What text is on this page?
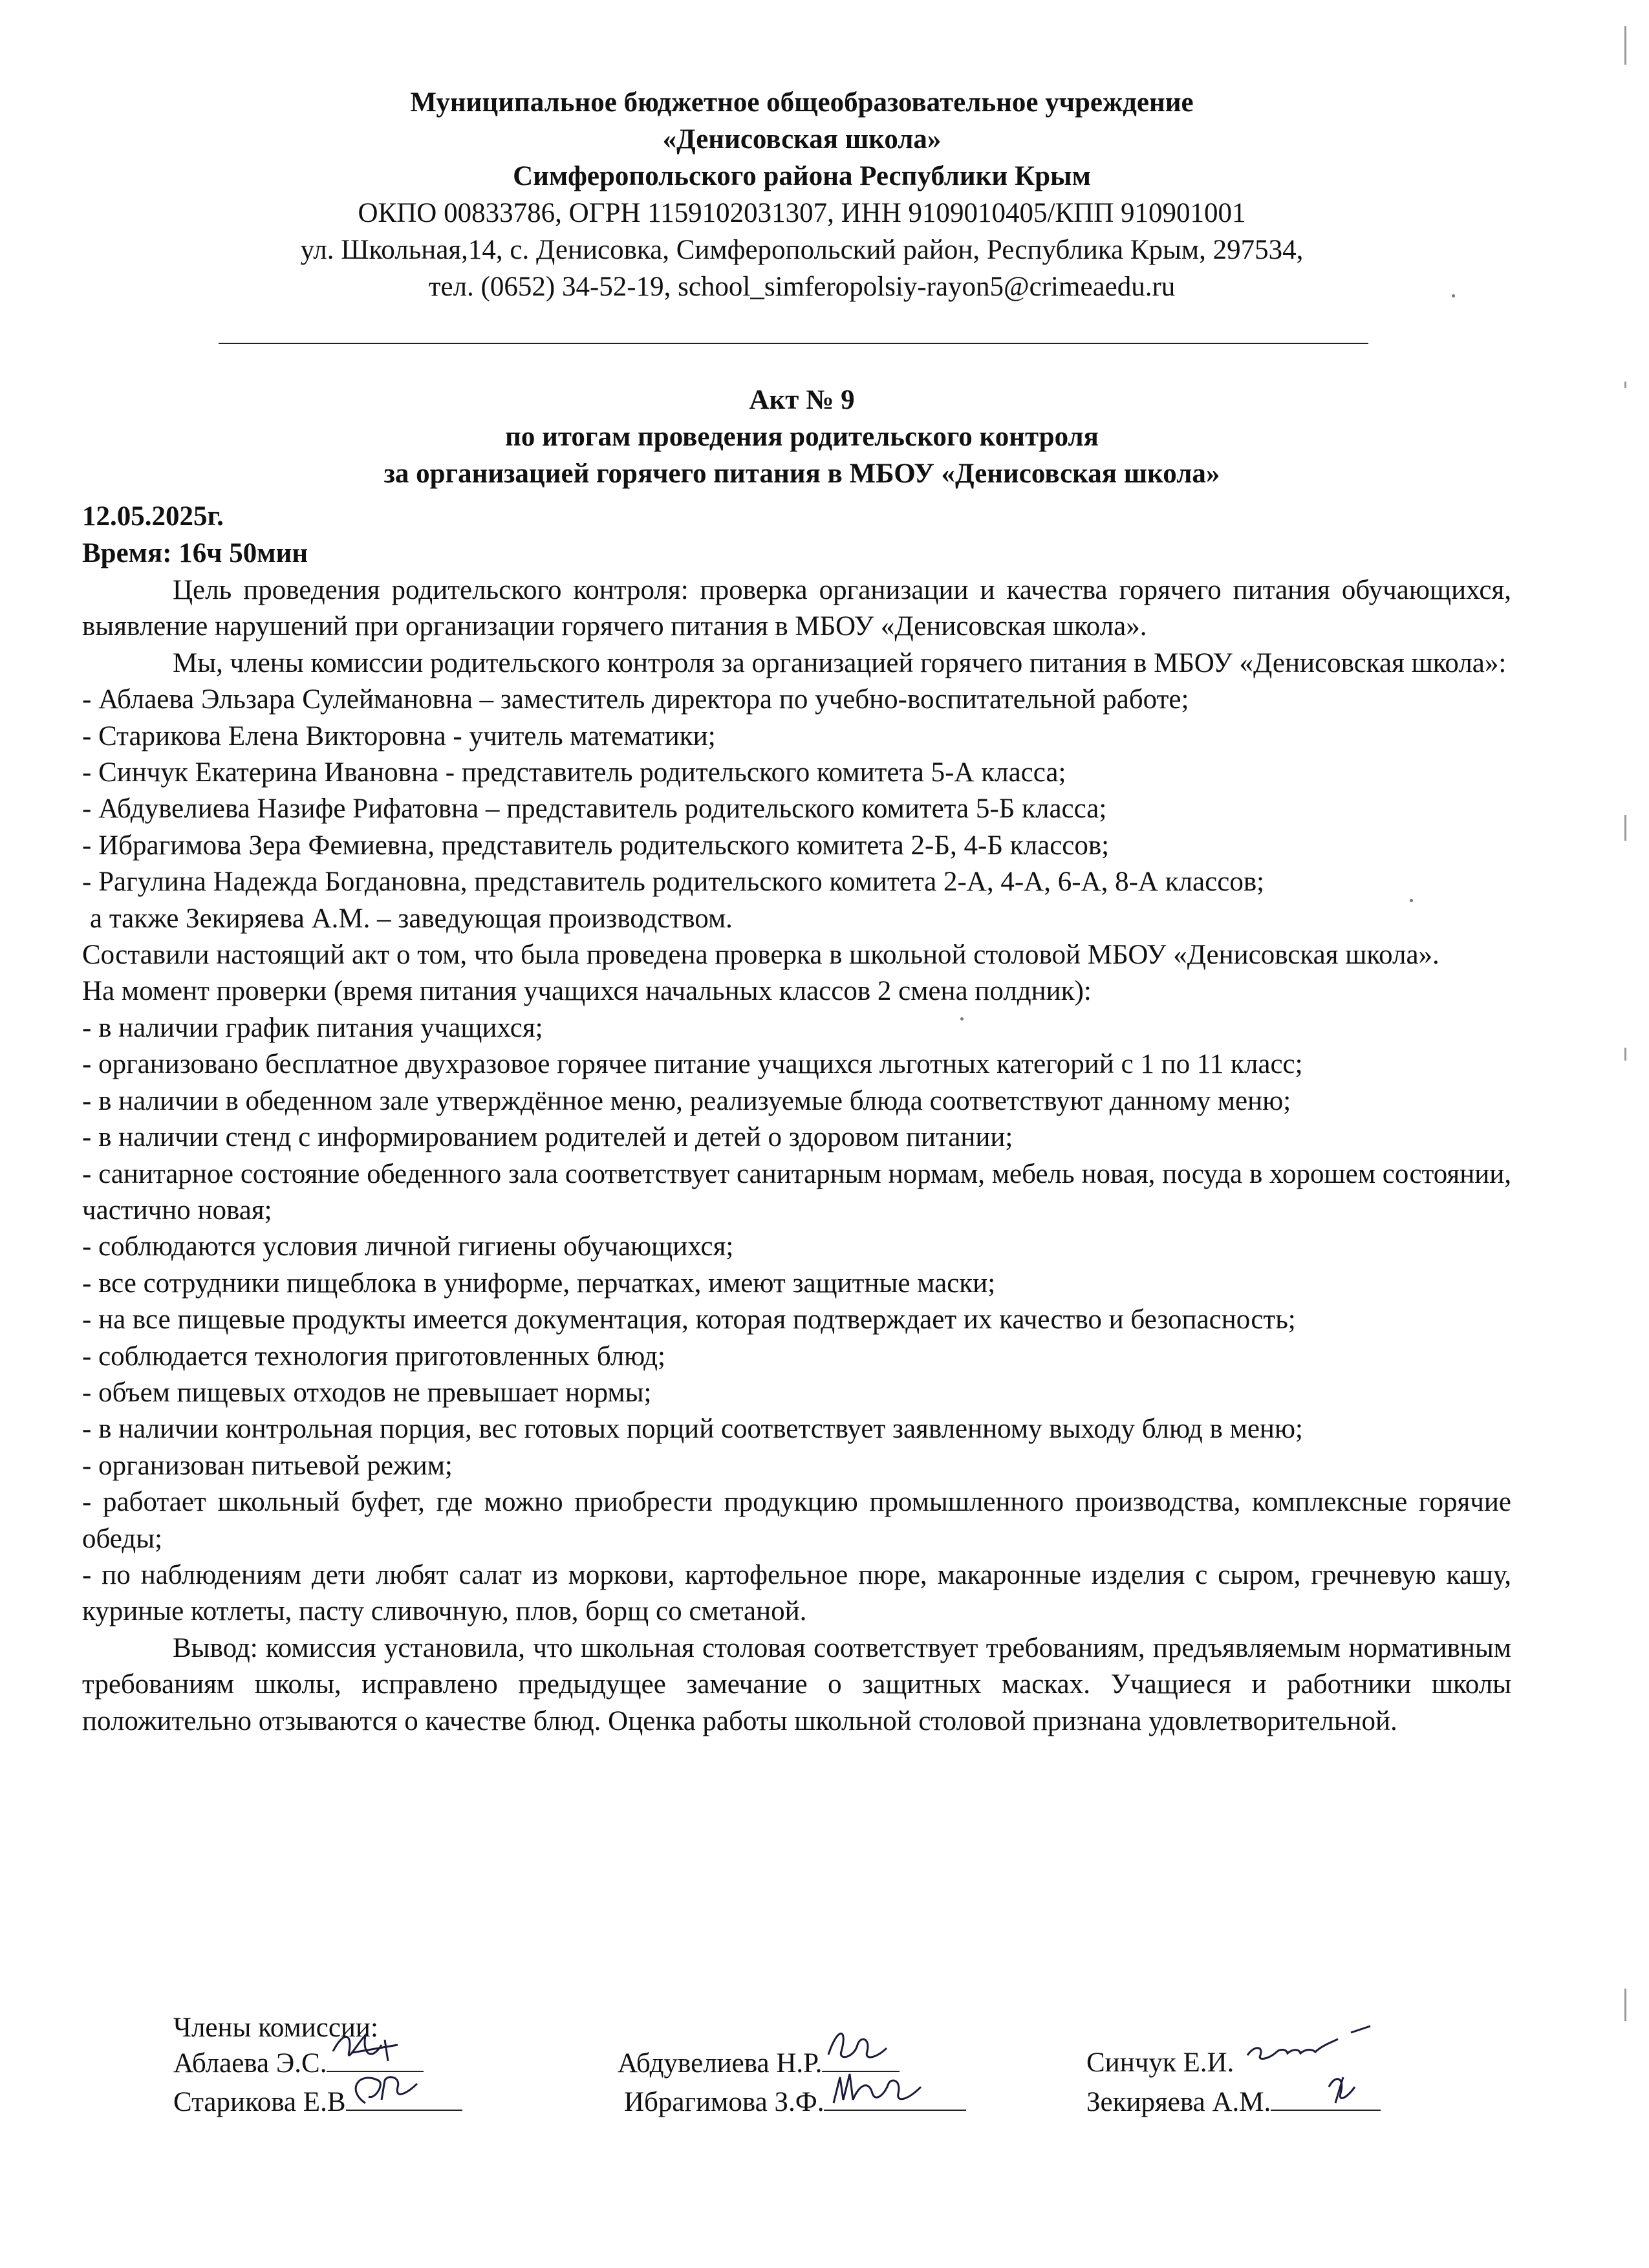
Муниципальное бюджетное общеобразовательное учреждение
«Денисовская школа»
Симферопольского района Республики Крым
ОКПО 00833786, ОГРН 1159102031307, ИНН 9109010405/КПП 910901001
ул. Школьная,14, с. Денисовка, Симферопольский район, Республика Крым, 297534,
тел. (0652) 34-52-19, school_simferopolsiy-rayon5@crimeaedu.ru
Акт № 9
по итогам проведения родительского контроля
за организацией горячего питания в МБОУ «Денисовская школа»
12.05.2025г.
Время: 16ч 50мин

Цель проведения родительского контроля: проверка организации и качества горячего питания обучающихся, выявление нарушений при организации горячего питания в МБОУ «Денисовская школа».

Мы, члены комиссии родительского контроля за организацией горячего питания в МБОУ «Денисовская школа»:

- Аблаева Эльзара Сулеймановна – заместитель директора по учебно-воспитательной работе;

- Старикова Елена Викторовна - учитель математики;

- Синчук Екатерина Ивановна - представитель родительского комитета 5-А класса;

- Абдувелиева Назифе Рифатовна – представитель родительского комитета 5-Б класса;

- Ибрагимова Зера Фемиевна, представитель родительского комитета 2-Б, 4-Б классов;

- Рагулина Надежда Богдановна, представитель родительского комитета 2-А, 4-А, 6-А, 8-А классов;

а также Зекиряева А.М. – заведующая производством.

Составили настоящий акт о том, что была проведена проверка в школьной столовой МБОУ «Денисовская школа».

На момент проверки (время питания учащихся начальных классов 2 смена полдник):

- в наличии график питания учащихся;

- организовано бесплатное двухразовое горячее питание учащихся льготных категорий с 1 по 11 класс;

- в наличии в обеденном зале утверждённое меню, реализуемые блюда соответствуют данному меню;

- в наличии стенд с информированием родителей и детей о здоровом питании;

- санитарное состояние обеденного зала соответствует санитарным нормам, мебель новая, посуда в хорошем состоянии, частично новая;

- соблюдаются условия личной гигиены обучающихся;

- все сотрудники пищеблока в униформе, перчатках, имеют защитные маски;

- на все пищевые продукты имеется документация, которая подтверждает их качество и безопасность;

- соблюдается технология приготовленных блюд;

- объем пищевых отходов не превышает нормы;

- в наличии контрольная порция, вес готовых порций соответствует заявленному выходу блюд в меню;

- организован питьевой режим;

- работает школьный буфет, где можно приобрести продукцию промышленного производства, комплексные горячие обеды;

- по наблюдениям дети любят салат из моркови, картофельное пюре, макаронные изделия с сыром, гречневую кашу, куриные котлеты, пасту сливочную, плов, борщ со сметаной.

Вывод: комиссия установила, что школьная столовая соответствует требованиям, предъявляемым нормативным требованиям школы, исправлено предыдущее замечание о защитных масках. Учащиеся и работники школы положительно отзываются о качестве блюд. Оценка работы школьной столовой признана удовлетворительной.

Члены комиссии:
Аблаева Э.С.	Абдувелиева Н.Р.	Синчук Е.И.
Старикова Е.В	Ибрагимова З.Ф.	Зекиряева А.М.
